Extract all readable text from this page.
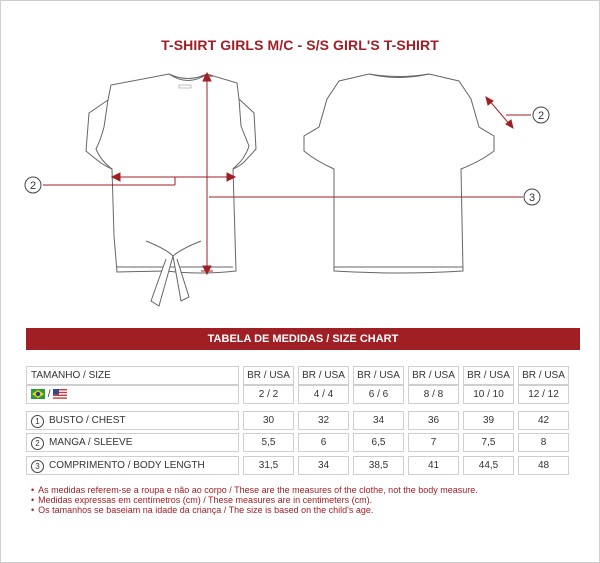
T-SHIRT GIRLS M/C - S/S GIRL'S T-SHIRT
2
3
2
TABELA DE MEDIDAS / SIZE CHART
TAMANHO / SIZE	BR / USA	BR / USA	BR / USA	BR / USA	BR / USA	BR / USA
/	2 / 2	4 / 4	6 / 6	8 / 8	10 / 10	12 / 12
1 BUSTO / CHEST	30	32	34	36	39	42
2 MANGA / SLEEVE	5,5	6	6,5	7	7,5	8
3 COMPRIMENTO / BODY LENGTH	31,5	34	38,5	41	44,5	48
• As medidas referem-se a roupa e não ao corpo / These are the measures of the clothe, not the body measure.
• Medidas expressas em centímetros (cm) / These measures are in centimeters (cm).
• Os tamanhos se baseiam na idade da criança / The size is based on the child's age.
